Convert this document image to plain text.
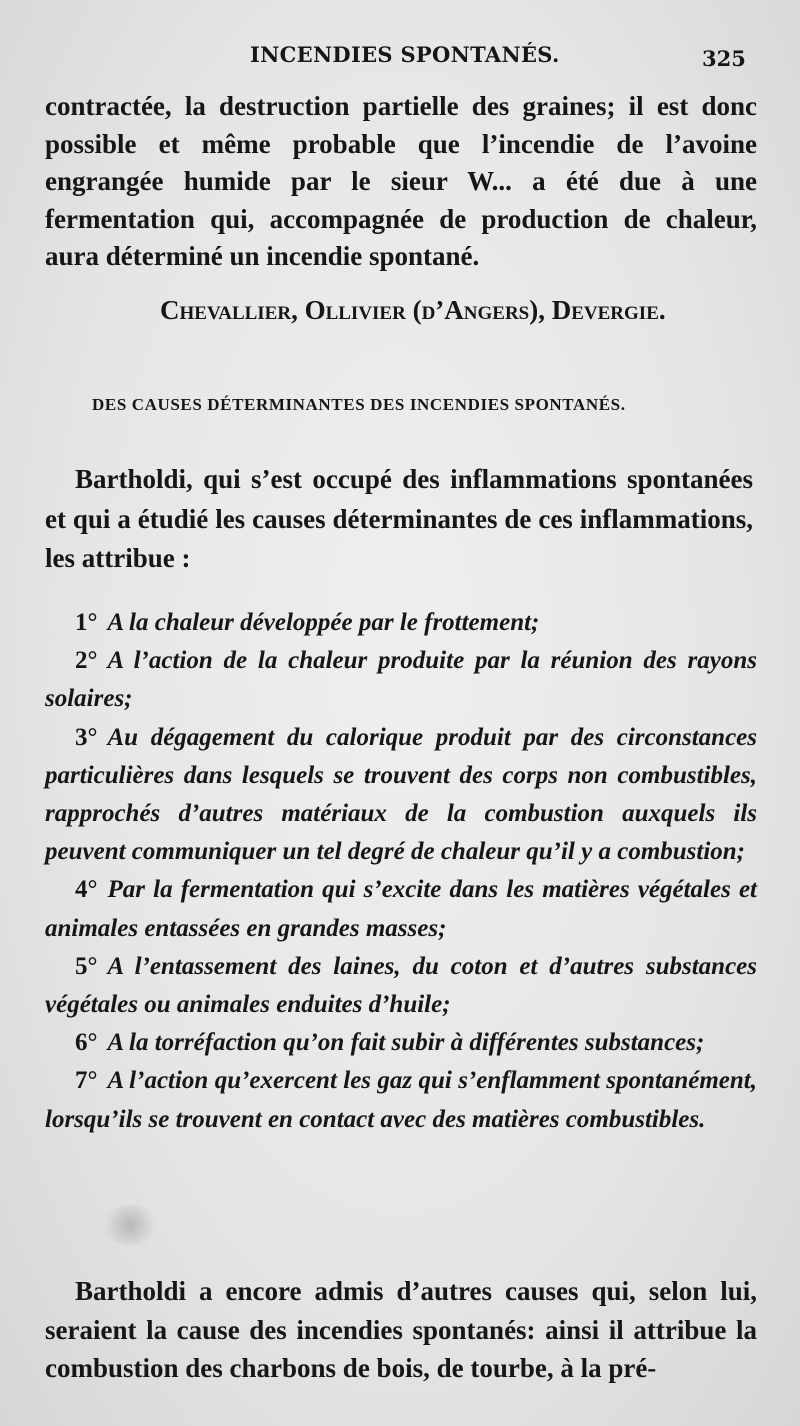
INCENDIES SPONTANÉS.	325

contractée, la destruction partielle des graines; il est donc possible et même probable que l’incendie de l’avoine engrangée humide par le sieur W... a été due à une fermentation qui, accompagnée de production de chaleur, aura déterminé un incendie spontané.

Chevallier, Ollivier (d’Angers), Devergie.
DES CAUSES DÉTERMINANTES DES INCENDIES SPONTANÉS.

Bartholdi, qui s’est occupé des inflammations spontanées et qui a étudié les causes déterminantes de ces inflammations, les attribue :

1° A la chaleur développée par le frottement;
2° A l’action de la chaleur produite par la réunion des rayons solaires;
3° Au dégagement du calorique produit par des circonstances particulières dans lesquels se trouvent des corps non combustibles, rapprochés d’autres matériaux de la combustion auxquels ils peuvent communiquer un tel degré de chaleur qu’il y a combustion;
4° Par la fermentation qui s’excite dans les matières végétales et animales entassées en grandes masses;
5° A l’entassement des laines, du coton et d’autres substances végétales ou animales enduites d’huile;
6° A la torréfaction qu’on fait subir à différentes substances;
7° A l’action qu’exercent les gaz qui s’enflamment spontanément, lorsqu’ils se trouvent en contact avec des matières combustibles.

Bartholdi a encore admis d’autres causes qui, selon lui, seraient la cause des incendies spontanés: ainsi il attribue la combustion des charbons de bois, de tourbe, à la pré-
